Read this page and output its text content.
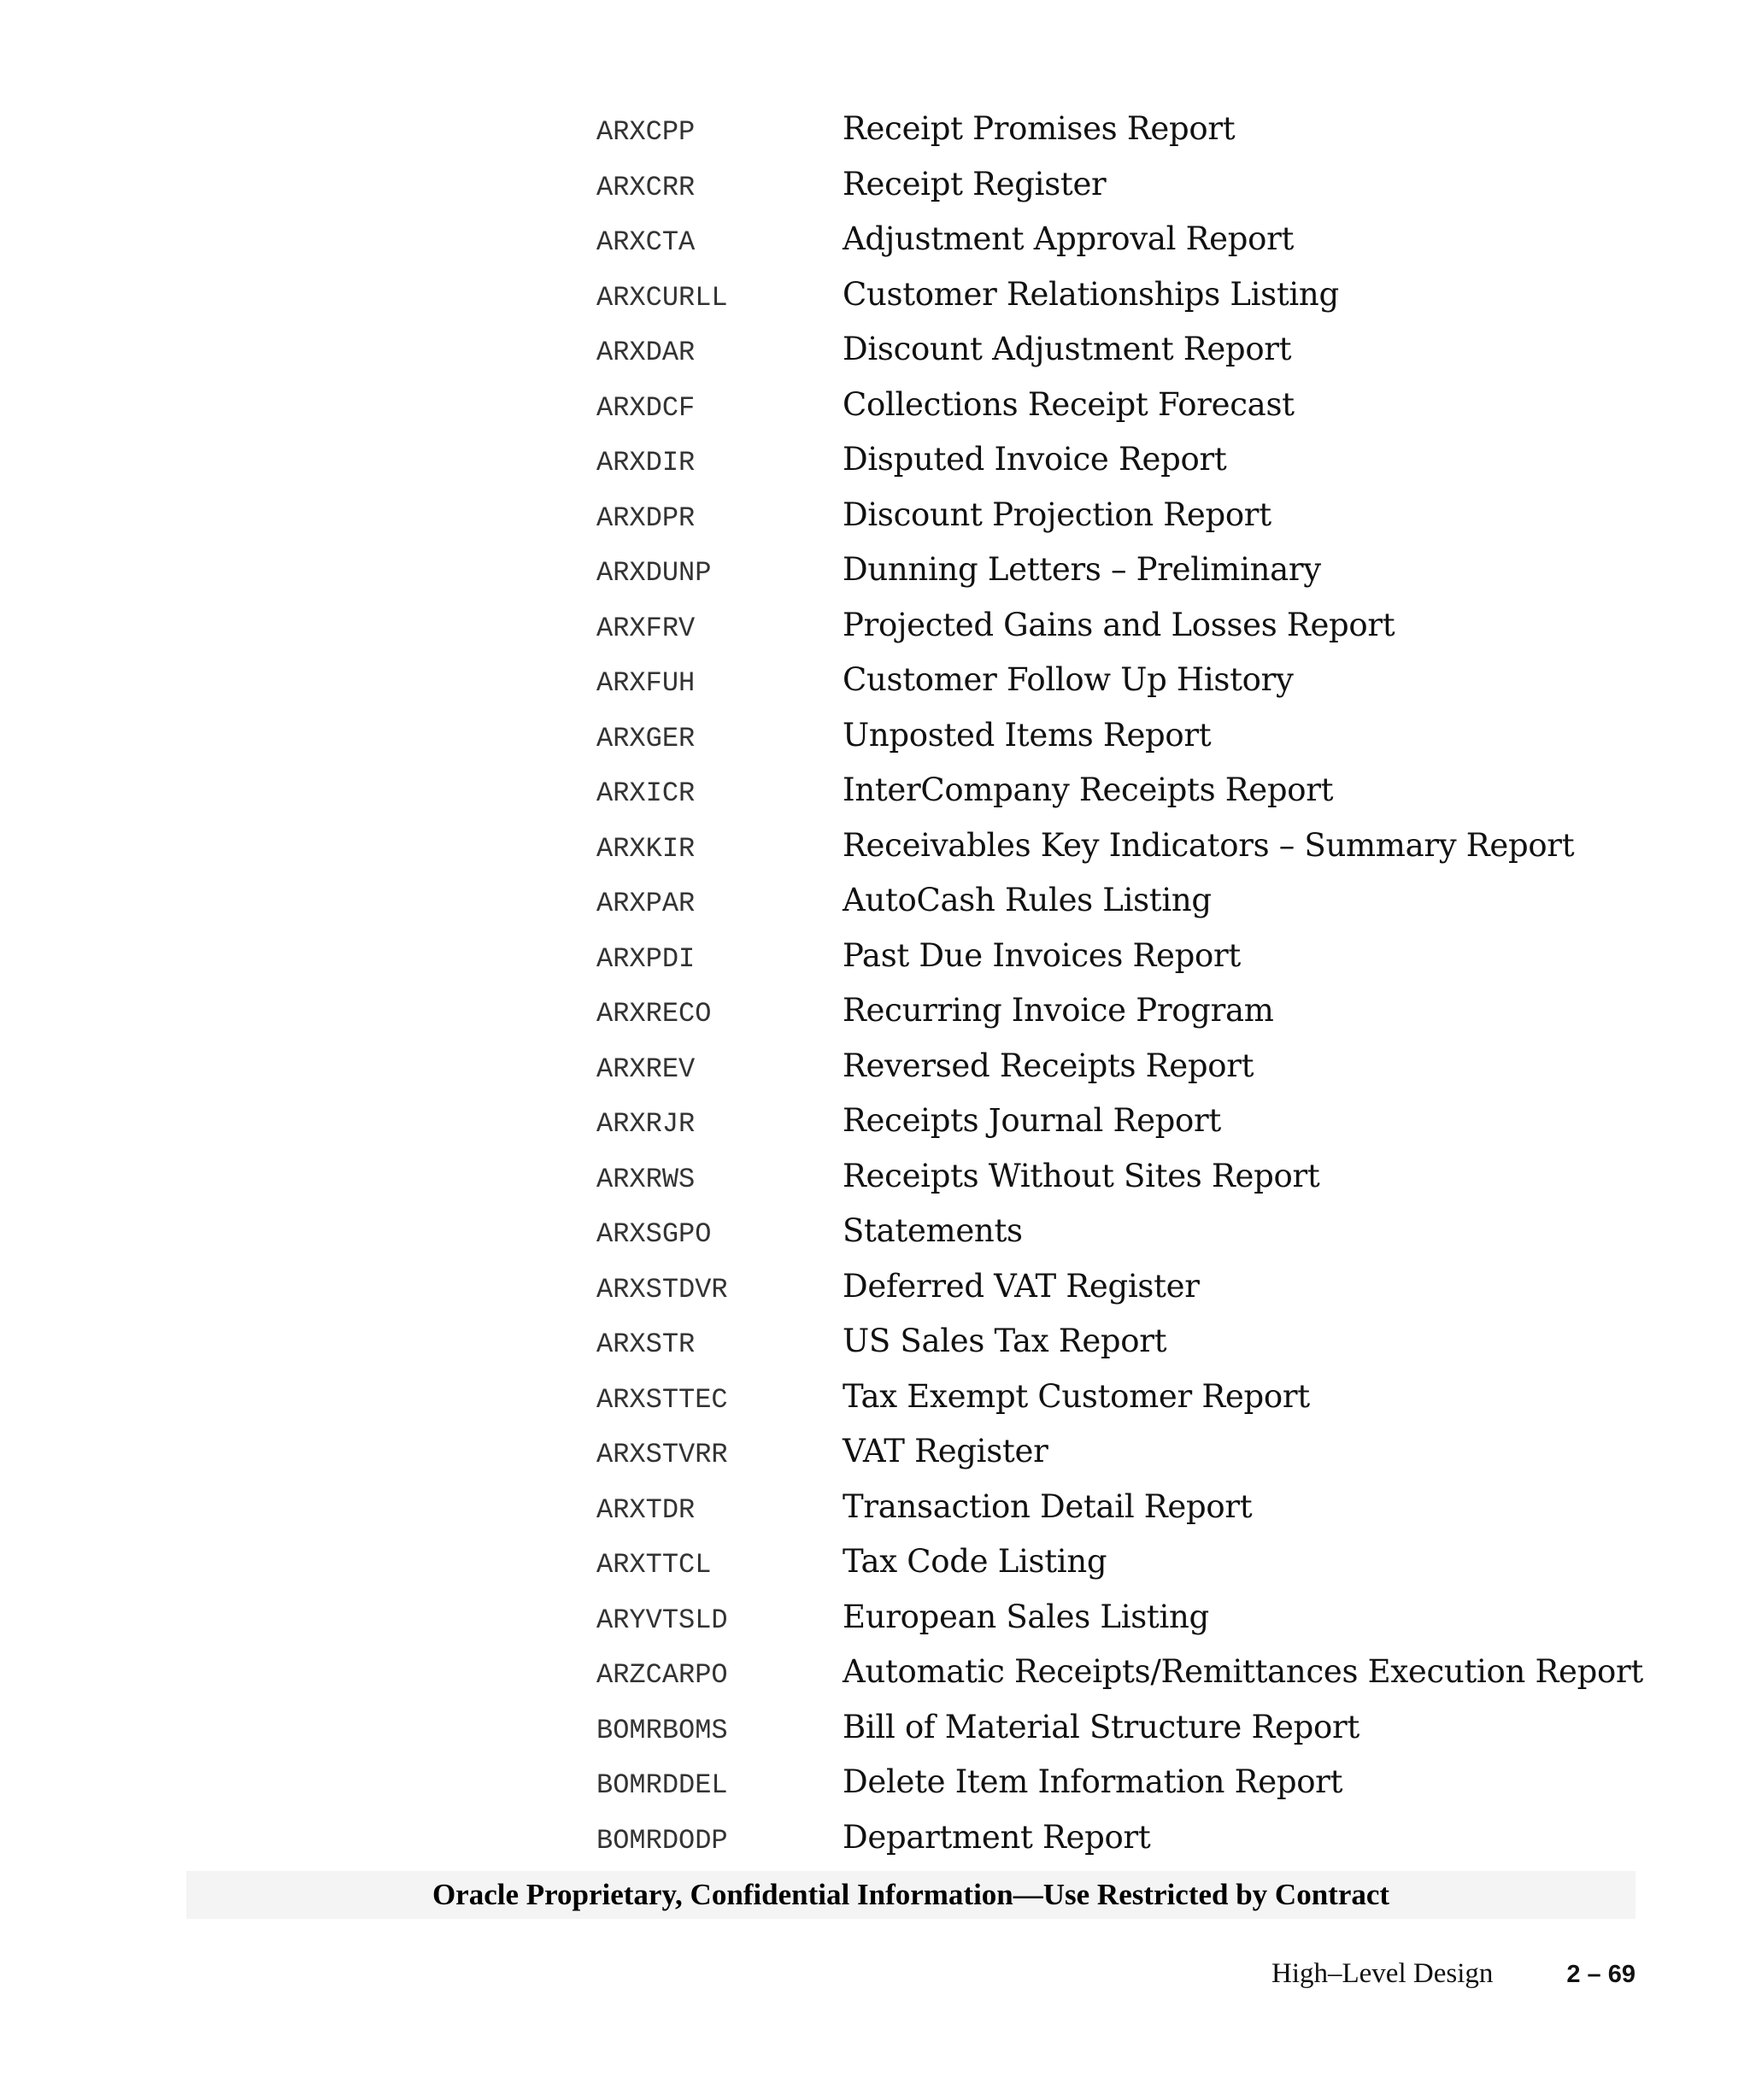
ARXCPP	Receipt Promises Report
ARXCRR	Receipt Register
ARXCTA	Adjustment Approval Report
ARXCURLL	Customer Relationships Listing
ARXDAR	Discount Adjustment Report
ARXDCF	Collections Receipt Forecast
ARXDIR	Disputed Invoice Report
ARXDPR	Discount Projection Report
ARXDUNP	Dunning Letters – Preliminary
ARXFRV	Projected Gains and Losses Report
ARXFUH	Customer Follow Up History
ARXGER	Unposted Items Report
ARXICR	InterCompany Receipts Report
ARXKIR	Receivables Key Indicators – Summary Report
ARXPAR	AutoCash Rules Listing
ARXPDI	Past Due Invoices Report
ARXRECO	Recurring Invoice Program
ARXREV	Reversed Receipts Report
ARXRJR	Receipts Journal Report
ARXRWS	Receipts Without Sites Report
ARXSGPO	Statements
ARXSTDVR	Deferred VAT Register
ARXSTR	US Sales Tax Report
ARXSTTEC	Tax Exempt Customer Report
ARXSTVRR	VAT Register
ARXTDR	Transaction Detail Report
ARXTTCL	Tax Code Listing
ARYVTSLD	European Sales Listing
ARZCARPO	Automatic Receipts/Remittances Execution Report
BOMRBOMS	Bill of Material Structure Report
BOMRDDEL	Delete Item Information Report
BOMRDODP	Department Report
Oracle Proprietary, Confidential Information––Use Restricted by Contract
High–Level Design	2 – 69
